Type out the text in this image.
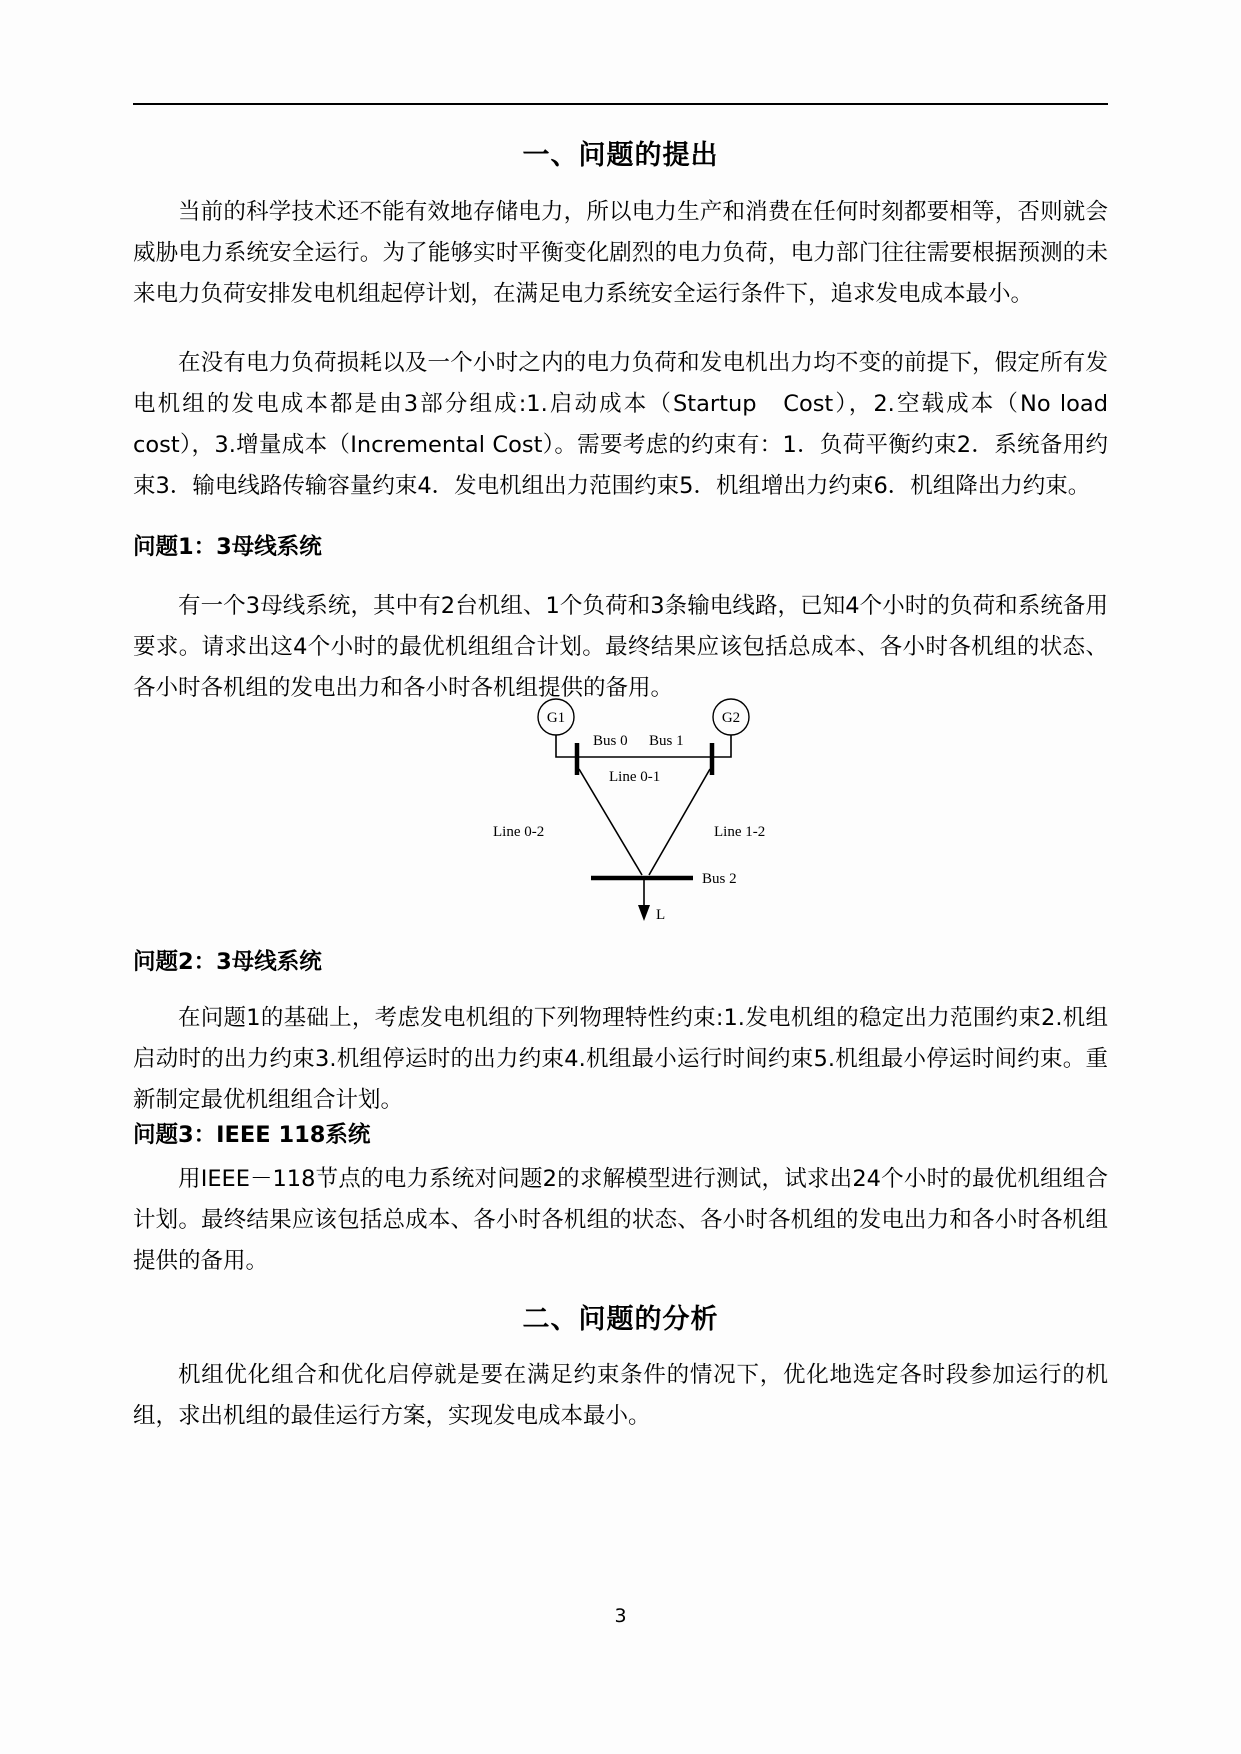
一、问题的提出

当前的科学技术还不能有效地存储电力，所以电力生产和消费在任何时刻都要相等，否则就会威胁电力系统安全运行。为了能够实时平衡变化剧烈的电力负荷，电力部门往往需要根据预测的未来电力负荷安排发电机组起停计划，在满足电力系统安全运行条件下，追求发电成本最小。

在没有电力负荷损耗以及一个小时之内的电力负荷和发电机出力均不变的前提下，假定所有发电机组的发电成本都是由3部分组成:1.启动成本（Startup　Cost），2.空载成本（No load cost），3.增量成本（Incremental Cost）。需要考虑的约束有：1．负荷平衡约束2．系统备用约束3．输电线路传输容量约束4．发电机组出力范围约束5．机组增出力约束6．机组降出力约束。

问题1：3母线系统

有一个3母线系统，其中有2台机组、1个负荷和3条输电线路，已知4个小时的负荷和系统备用要求。请求出这4个小时的最优机组组合计划。最终结果应该包括总成本、各小时各机组的状态、各小时各机组的发电出力和各小时各机组提供的备用。

G1	G2
Bus 0 Bus 1
Line 0-1
Line 0-2	Line 1-2
Bus 2
L
问题2：3母线系统

在问题1的基础上，考虑发电机组的下列物理特性约束:1.发电机组的稳定出力范围约束2.机组启动时的出力约束3.机组停运时的出力约束4.机组最小运行时间约束5.机组最小停运时间约束。重新制定最优机组组合计划。

问题3：IEEE 118系统

用IEEE－118节点的电力系统对问题2的求解模型进行测试，试求出24个小时的最优机组组合计划。最终结果应该包括总成本、各小时各机组的状态、各小时各机组的发电出力和各小时各机组提供的备用。

二、问题的分析

机组优化组合和优化启停就是要在满足约束条件的情况下，优化地选定各时段参加运行的机组，求出机组的最佳运行方案，实现发电成本最小。

3
